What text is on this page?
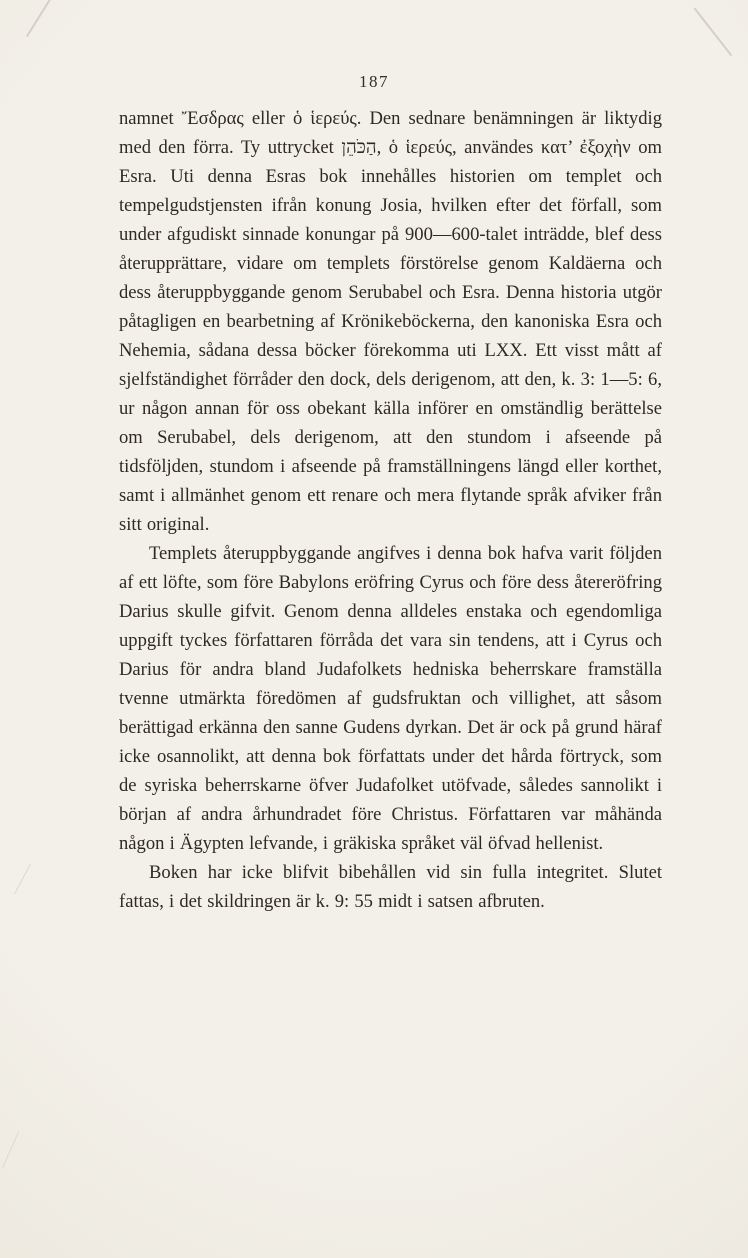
187

namnet Ἔσδρας eller ὁ ἱερεύς. Den sednare benämningen är liktydig med den förra. Ty uttrycket הַכֹּהֵן, ὁ ἱερεύς, användes κατ’ ἐξοχὴν om Esra. Uti denna Esras bok innehålles historien om templet och tempelgudstjensten ifrån konung Josia, hvilken efter det förfall, som under afgudiskt sinnade konungar på 900—600-talet inträdde, blef dess återupprättare, vidare om templets förstörelse genom Kaldäerna och dess återuppbyggande genom Serubabel och Esra. Denna historia utgör påtagligen en bearbetning af Krönikeböckerna, den kanoniska Esra och Nehemia, sådana dessa böcker förekomma uti LXX. Ett visst mått af sjelfständighet förråder den dock, dels derigenom, att den, k. 3: 1—5: 6, ur någon annan för oss obekant källa införer en omständlig berättelse om Serubabel, dels derigenom, att den stundom i afseende på tidsföljden, stundom i afseende på framställningens längd eller korthet, samt i allmänhet genom ett renare och mera flytande språk afviker från sitt original.

Templets återuppbyggande angifves i denna bok hafva varit följden af ett löfte, som före Babylons eröfring Cyrus och före dess återeröfring Darius skulle gifvit. Genom denna alldeles enstaka och egendomliga uppgift tyckes författaren förråda det vara sin tendens, att i Cyrus och Darius för andra bland Judafolkets hedniska beherrskare framställa tvenne utmärkta föredömen af gudsfruktan och villighet, att såsom berättigad erkänna den sanne Gudens dyrkan. Det är ock på grund häraf icke osannolikt, att denna bok författats under det hårda förtryck, som de syriska beherrskarne öfver Judafolket utöfvade, således sannolikt i början af andra århundradet före Christus. Författaren var måhända någon i Ägypten lefvande, i gräkiska språket väl öfvad hellenist.

Boken har icke blifvit bibehållen vid sin fulla integritet. Slutet fattas, i det skildringen är k. 9: 55 midt i satsen afbruten.
